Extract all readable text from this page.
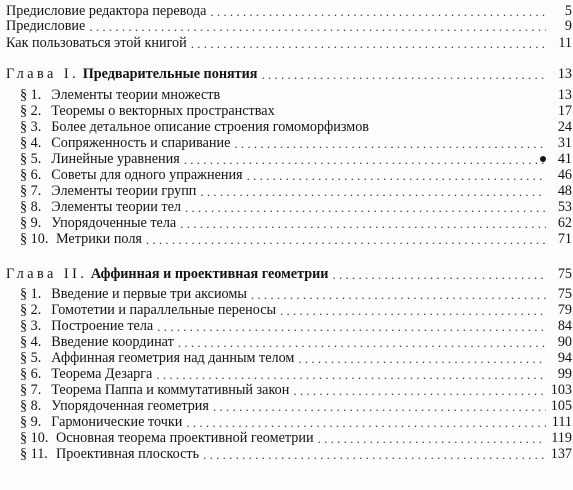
Предисловие редактора перевода . . .	5
Предисловие . . .	9
Как пользоваться этой книгой . . .	11
Глава I. Предварительные понятия . . .	13
§ 1. Элементы теории множеств	13
§ 2. Теоремы о векторных пространствах	17
§ 3. Более детальное описание строения гомоморфизмов	24
§ 4. Сопряженность и спаривание . . .	31
§ 5. Линейные уравнения . . .	41
§ 6. Советы для одного упражнения . . .	46
§ 7. Элементы теории групп . . .	48
§ 8. Элементы теории тел . . .	53
§ 9. Упорядоченные тела . . .	62
§ 10. Метрики поля . . .	71
Глава II. Аффинная и проективная геометрии . . .	75
§ 1. Введение и первые три аксиомы . . .	75
§ 2. Гомотетии и параллельные переносы . . .	79
§ 3. Построение тела . . .	84
§ 4. Введение координат . . .	90
§ 5. Аффинная геометрия над данным телом . . .	94
§ 6. Теорема Дезарга . . .	99
§ 7. Теорема Паппа и коммутативный закон . . .	103
§ 8. Упорядоченная геометрия . . .	105
§ 9. Гармонические точки . . .	111
§ 10. Основная теорема проективной геометрии . . .	119
§ 11. Проективная плоскость . . .	137
